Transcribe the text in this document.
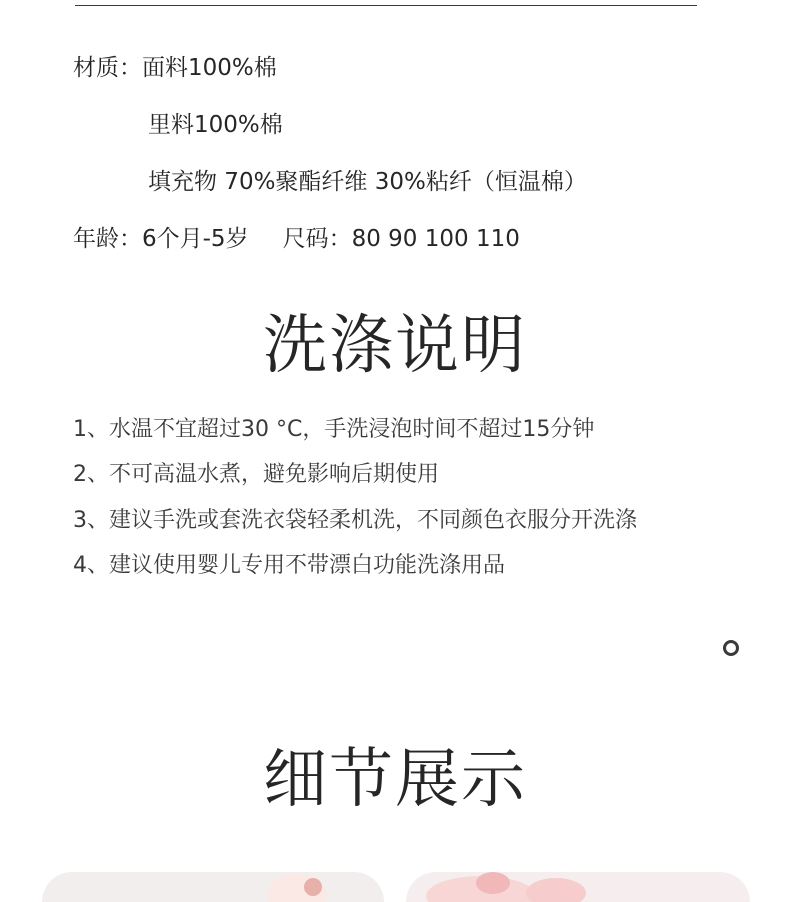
材质：面料100%棉
里料100%棉
填充物 70%聚酯纤维 30%粘纤（恒温棉）
年龄：6个月-5岁 尺码：80 90 100 110
洗涤说明
1、水温不宜超过30 °C，手洗浸泡时间不超过15分钟
2、不可高温水煮，避免影响后期使用
3、建议手洗或套洗衣袋轻柔机洗，不同颜色衣服分开洗涤
4、建议使用婴儿专用不带漂白功能洗涤用品
细节展示
